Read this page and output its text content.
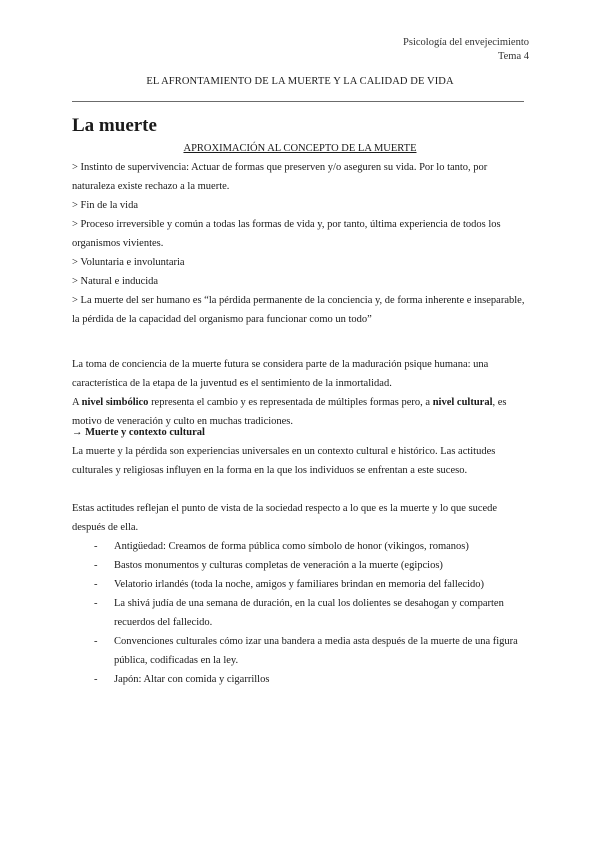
Psicología del envejecimiento
Tema 4
EL AFRONTAMIENTO DE LA MUERTE Y LA CALIDAD DE VIDA
La muerte
APROXIMACIÓN AL CONCEPTO DE LA MUERTE

> Instinto de supervivencia: Actuar de formas que preserven y/o aseguren su vida. Por lo tanto, por naturaleza existe rechazo a la muerte.

> Fin de la vida

> Proceso irreversible y común a todas las formas de vida y, por tanto, última experiencia de todos los organismos vivientes.

> Voluntaria e involuntaria

> Natural e inducida

> La muerte del ser humano es “la pérdida permanente de la conciencia y, de forma inherente e inseparable, la pérdida de la capacidad del organismo para funcionar como un todo”

La toma de conciencia de la muerte futura se considera parte de la maduración psique humana: una característica de la etapa de la juventud es el sentimiento de la inmortalidad.

A nivel simbólico representa el cambio y es representada de múltiples formas pero, a nivel cultural, es motivo de veneración y culto en muchas tradiciones.

→ Muerte y contexto cultural

La muerte y la pérdida son experiencias universales en un contexto cultural e histórico. Las actitudes culturales y religiosas influyen en la forma en la que los individuos se enfrentan a este suceso.

Estas actitudes reflejan el punto de vista de la sociedad respecto a lo que es la muerte y lo que sucede después de ella.

- Antigüedad: Creamos de forma pública como símbolo de honor (vikingos, romanos)
- Bastos monumentos y culturas completas de veneración a la muerte (egipcios)
- Velatorio irlandés (toda la noche, amigos y familiares brindan en memoria del fallecido)
- La shivá judía de una semana de duración, en la cual los dolientes se desahogan y comparten recuerdos del fallecido.
- Convenciones culturales cómo izar una bandera a media asta después de la muerte de una figura pública, codificadas en la ley.
- Japón: Altar con comida y cigarrillos
